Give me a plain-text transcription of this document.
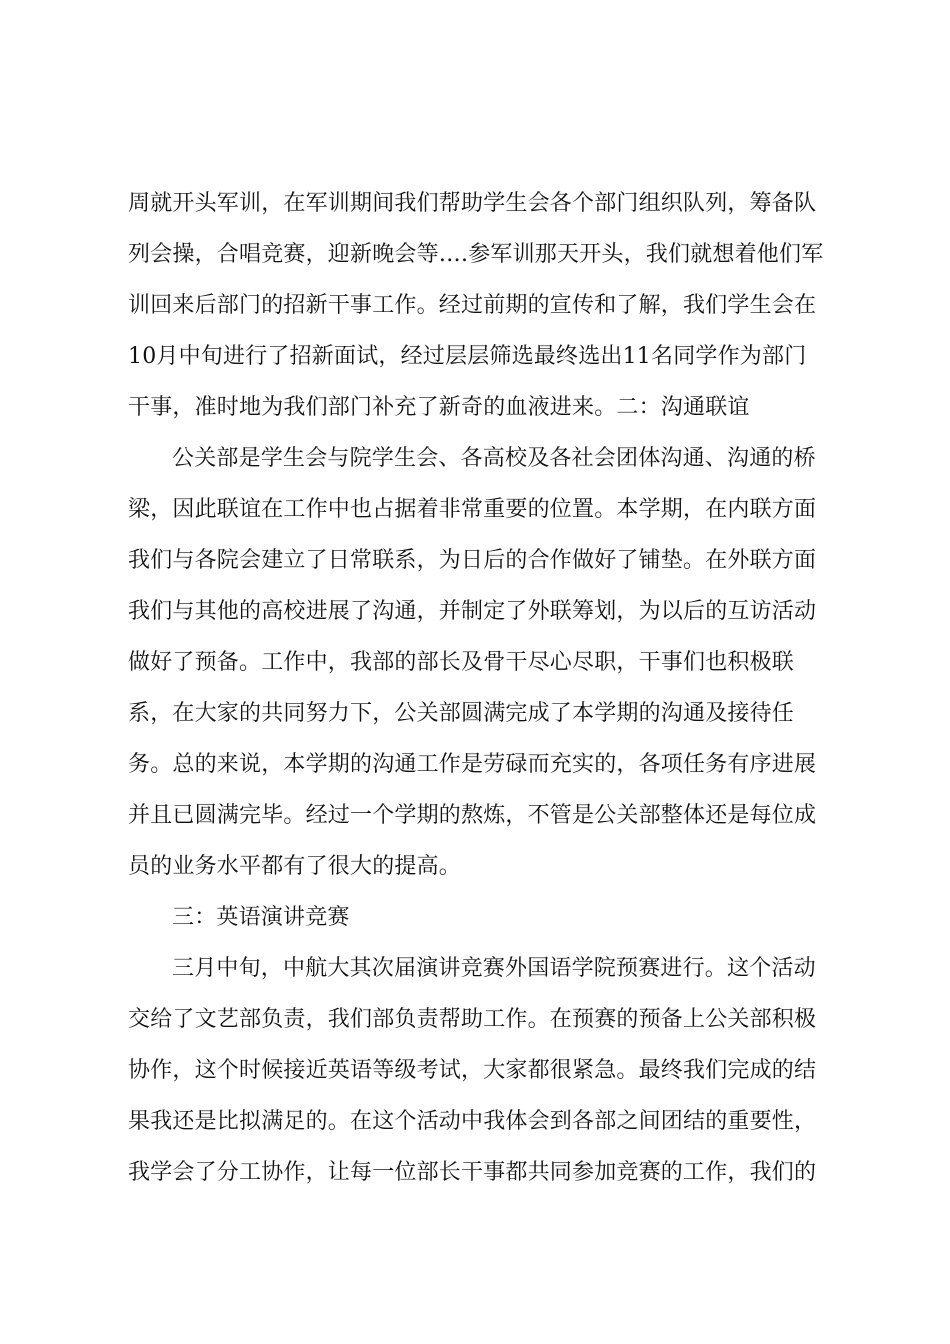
周就开头军训，在军训期间我们帮助学生会各个部门组织队列，筹备队
列会操，合唱竞赛，迎新晚会等….参军训那天开头，我们就想着他们军
训回来后部门的招新干事工作。经过前期的宣传和了解，我们学生会在
10月中旬进行了招新面试，经过层层筛选最终选出11名同学作为部门
干事，准时地为我们部门补充了新奇的血液进来。二：沟通联谊
公关部是学生会与院学生会、各高校及各社会团体沟通、沟通的桥
梁，因此联谊在工作中也占据着非常重要的位置。本学期，在内联方面
我们与各院会建立了日常联系，为日后的合作做好了铺垫。在外联方面
我们与其他的高校进展了沟通，并制定了外联筹划，为以后的互访活动
做好了预备。工作中，我部的部长及骨干尽心尽职，干事们也积极联
系，在大家的共同努力下，公关部圆满完成了本学期的沟通及接待任
务。总的来说，本学期的沟通工作是劳碌而充实的，各项任务有序进展
并且已圆满完毕。经过一个学期的熬炼，不管是公关部整体还是每位成
员的业务水平都有了很大的提高。
三：英语演讲竞赛
三月中旬，中航大其次届演讲竞赛外国语学院预赛进行。这个活动
交给了文艺部负责，我们部负责帮助工作。在预赛的预备上公关部积极
协作，这个时候接近英语等级考试，大家都很紧急。最终我们完成的结
果我还是比拟满足的。在这个活动中我体会到各部之间团结的重要性，
我学会了分工协作，让每一位部长干事都共同参加竞赛的工作，我们的
